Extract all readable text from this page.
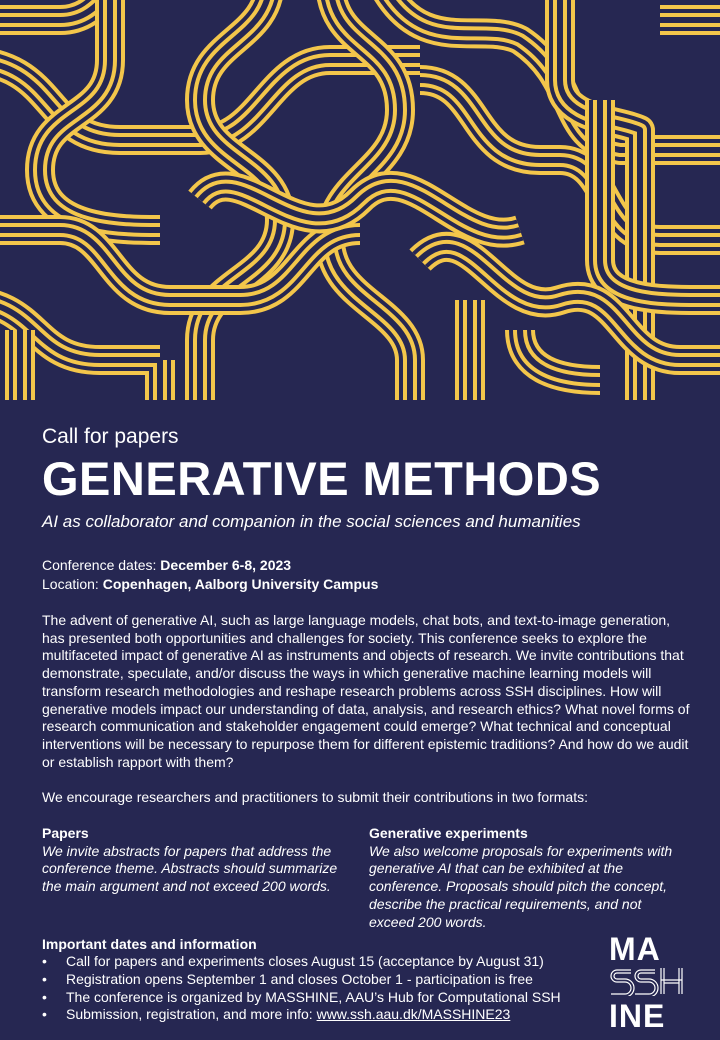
Call for papers
GENERATIVE METHODS
AI as collaborator and companion in the social sciences and humanities
Conference dates: December 6-8, 2023
Location: Copenhagen, Aalborg University Campus
The advent of generative AI, such as large language models, chat bots, and text-to-image generation, has presented both opportunities and challenges for society. This conference seeks to explore the multifaceted impact of generative AI as instruments and objects of research. We invite contributions that demonstrate, speculate, and/or discuss the ways in which generative machine learning models will transform research methodologies and reshape research problems across SSH disciplines. How will generative models impact our understanding of data, analysis, and research ethics? What novel forms of research communication and stakeholder engagement could emerge? What technical and conceptual interventions will be necessary to repurpose them for different epistemic traditions? And how do we audit or establish rapport with them?
We encourage researchers and practitioners to submit their contributions in two formats:
Papers
We invite abstracts for papers that address the conference theme. Abstracts should summarize the main argument and not exceed 200 words.
Generative experiments
We also welcome proposals for experiments with generative AI that can be exhibited at the conference. Proposals should pitch the concept, describe the practical requirements, and not exceed 200 words.
Important dates and information
• Call for papers and experiments closes August 15 (acceptance by August 31)
• Registration opens September 1 and closes October 1 - participation is free
• The conference is organized by MASSHINE, AAU’s Hub for Computational SSH
• Submission, registration, and more info: www.ssh.aau.dk/MASSHINE23
MA
INE
